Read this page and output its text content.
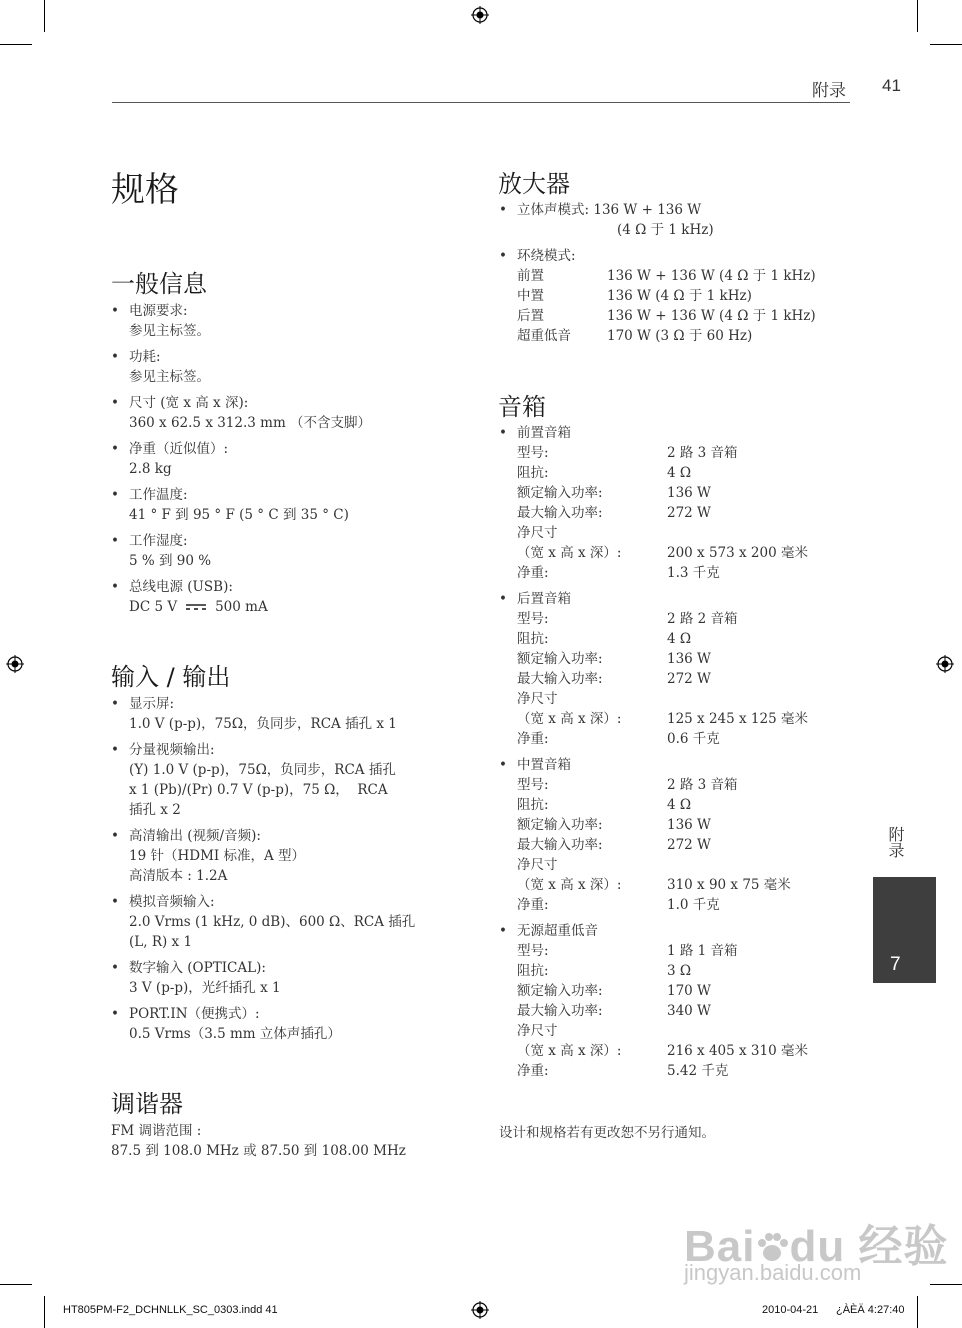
附录 41
规格
一般信息
• 电源要求:
参见主标签。
• 功耗:
参见主标签。
• 尺寸 (宽 x 高 x 深):
360 x 62.5 x 312.3 mm （不含支脚）
• 净重（近似值）:
2.8 kg
• 工作温度:
41 ° F 到 95 ° F (5 ° C 到 35 ° C)
• 工作湿度:
5 % 到 90 %
• 总线电源 (USB):
DC 5 V	500 mA
输入 / 输出
• 显示屏:
1.0 V (p-p)，75Ω，负同步，RCA 插孔 x 1
• 分量视频输出:
(Y) 1.0 V (p-p)，75Ω，负同步，RCA 插孔
x 1 (Pb)/(Pr) 0.7 V (p-p)，75 Ω，  RCA
插孔 x 2
• 高清输出 (视频/音频):
19 针（HDMI 标准，A 型）
高清版本 : 1.2A
• 模拟音频输入:
2.0 Vrms (1 kHz, 0 dB)、600 Ω、RCA 插孔
(L, R) x 1
• 数字输入 (OPTICAL):
3 V (p-p)，光纤插孔 x 1
• PORT.IN（便携式）:
0.5 Vrms（3.5 mm 立体声插孔）
调谐器
FM 调谐范围 :
87.5 到 108.0 MHz 或 87.50 到 108.00 MHz
放大器
• 立体声模式: 136 W + 136 W
(4 Ω 于 1 kHz)
• 环绕模式:
前置	136 W + 136 W (4 Ω 于 1 kHz)
中置	136 W (4 Ω 于 1 kHz)
后置	136 W + 136 W (4 Ω 于 1 kHz)
超重低音	170 W (3 Ω 于 60 Hz)
音箱
• 前置音箱
型号:	2 路 3 音箱
阻抗:	4 Ω
额定输入功率:	136 W
最大输入功率:	272 W
净尺寸
（宽 x 高 x 深）:	200 x 573 x 200 毫米
净重:	1.3 千克
• 后置音箱
型号:	2 路 2 音箱
阻抗:	4 Ω
额定输入功率:	136 W
最大输入功率:	272 W
净尺寸
（宽 x 高 x 深）:	125 x 245 x 125 毫米
净重:	0.6 千克
• 中置音箱
型号:	2 路 3 音箱
阻抗:	4 Ω
额定输入功率:	136 W
最大输入功率:	272 W
净尺寸
（宽 x 高 x 深）:	310 x 90 x 75 毫米
净重:	1.0 千克
• 无源超重低音
型号:	1 路 1 音箱
阻抗:	3 Ω
额定输入功率:	170 W
最大输入功率:	340 W
净尺寸
（宽 x 高 x 深）:	216 x 405 x 310 毫米
净重:	5.42 千克
设计和规格若有更改恕不另行通知。
附录
7
Bai du 经验
jingyan.baidu.com
HT805PM-F2_DCHNLLK_SC_0303.indd 41	2010-04-21 ¿ÀÈÄ 4:27:40
